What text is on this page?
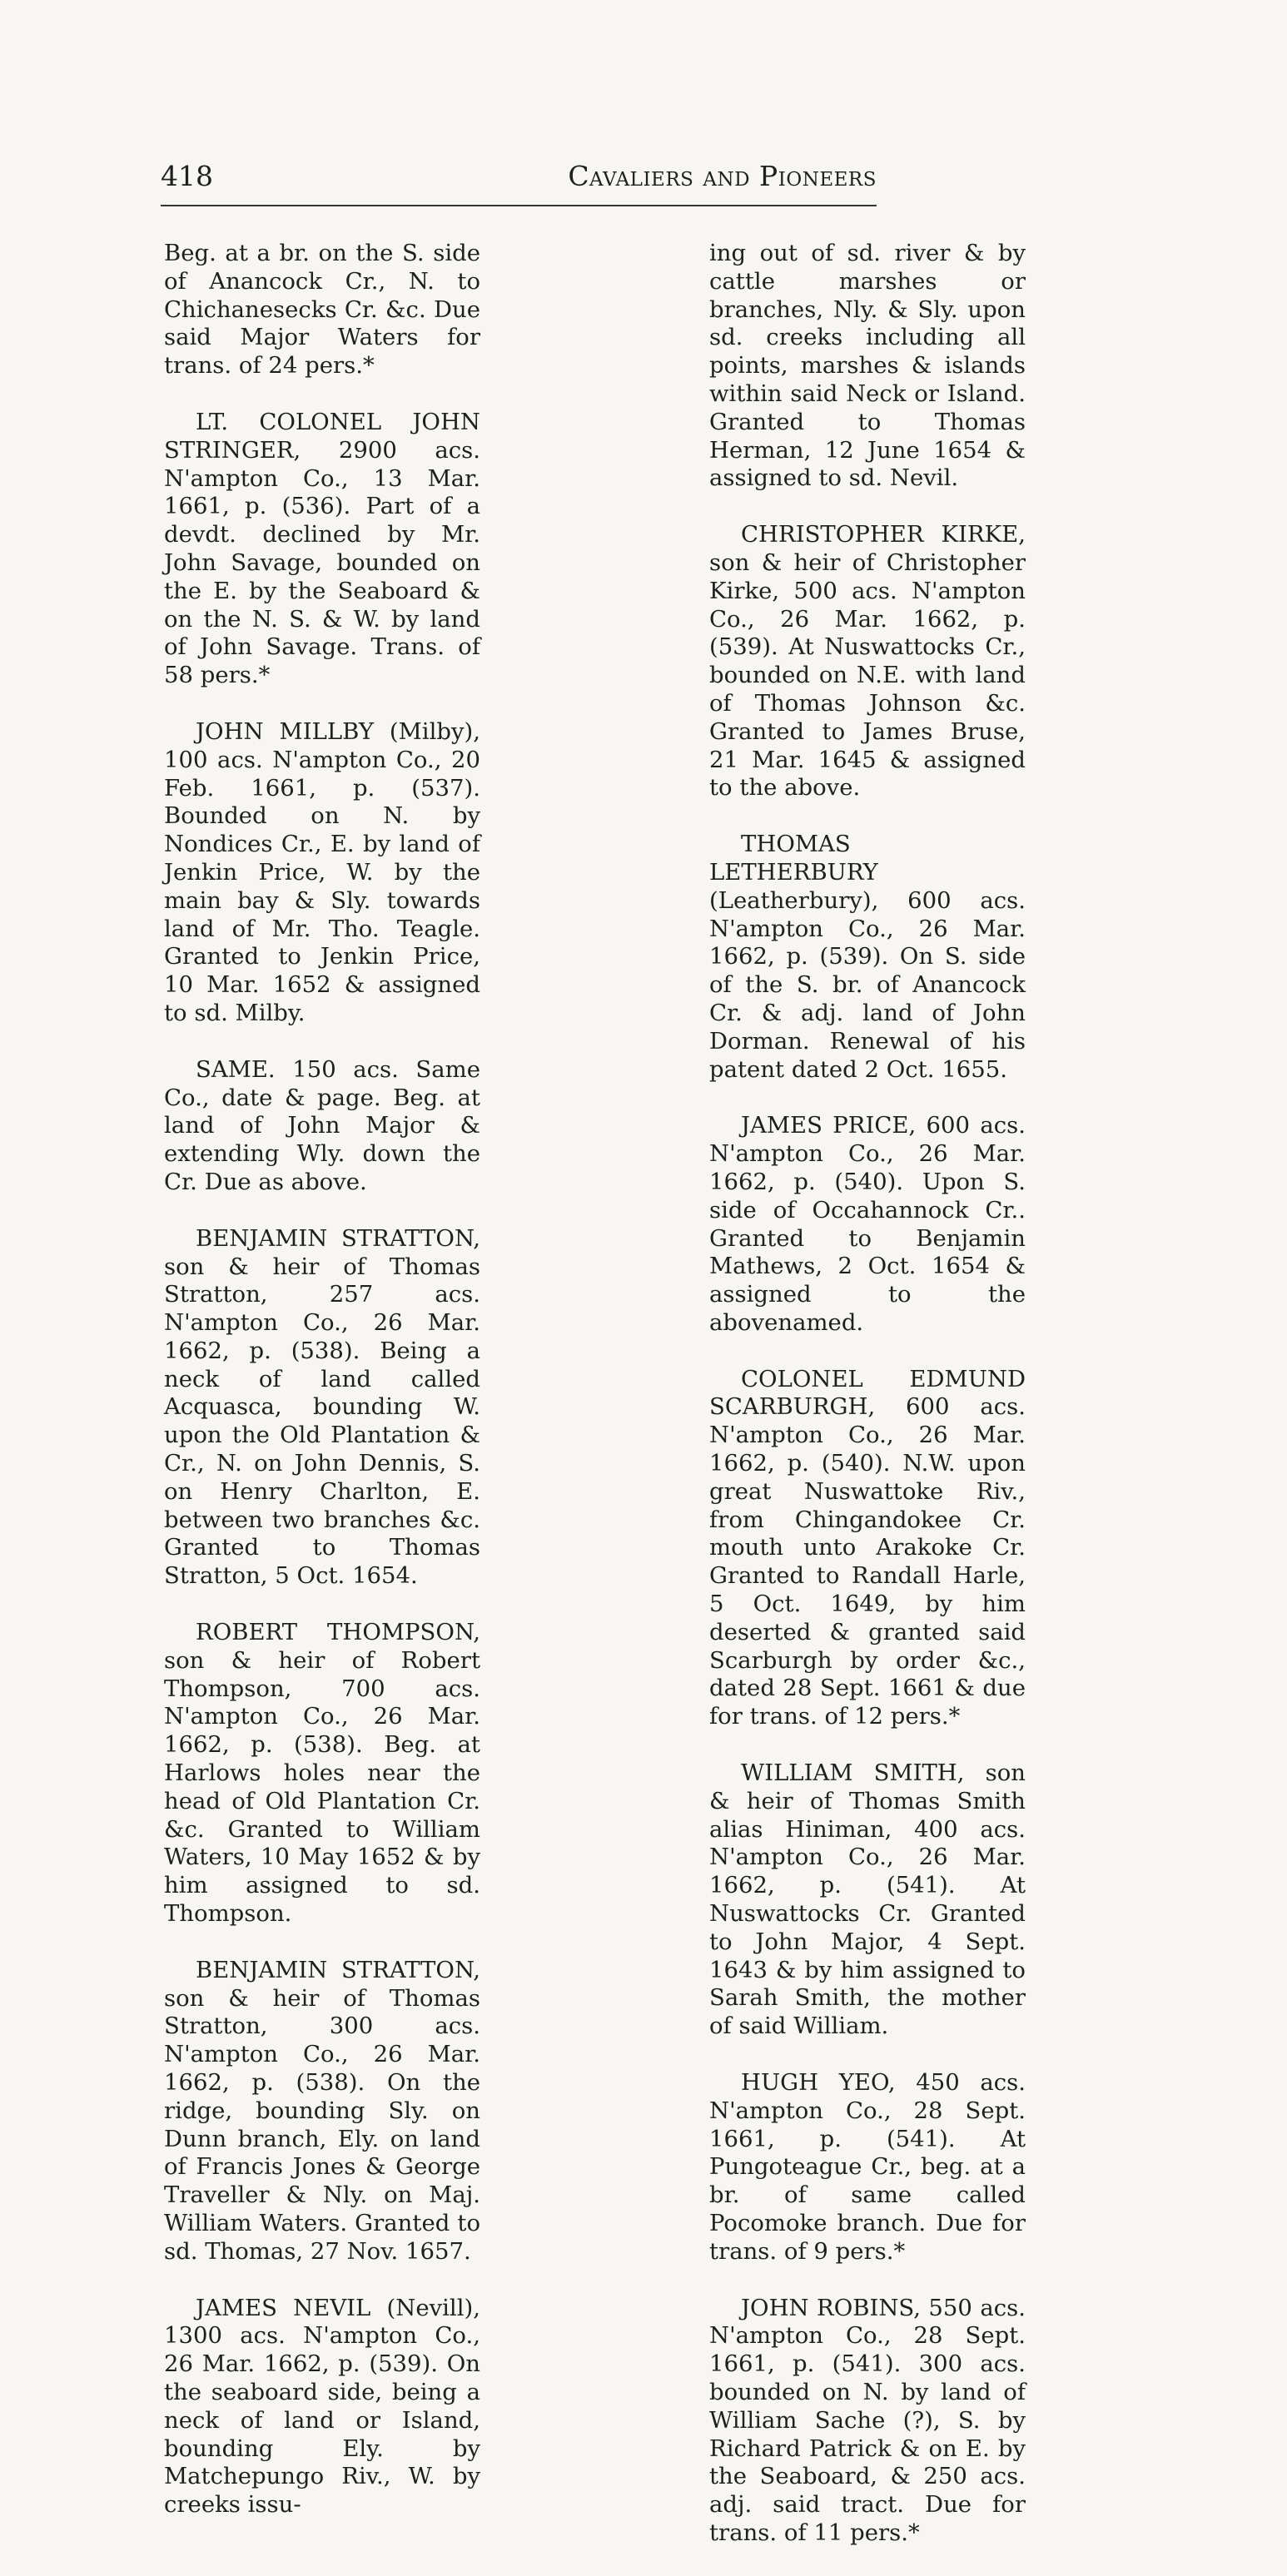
418	Cavaliers and Pioneers

Beg. at a br. on the S. side of Anancock Cr., N. to Chichanesecks Cr. &c. Due said Major Waters for trans. of 24 pers.*

LT. COLONEL JOHN STRINGER, 2900 acs. N'ampton Co., 13 Mar. 1661, p. (536). Part of a devdt. declined by Mr. John Savage, bounded on the E. by the Seaboard & on the N. S. & W. by land of John Savage. Trans. of 58 pers.*

JOHN MILLBY (Milby), 100 acs. N'ampton Co., 20 Feb. 1661, p. (537). Bounded on N. by Nondices Cr., E. by land of Jenkin Price, W. by the main bay & Sly. towards land of Mr. Tho. Teagle. Granted to Jenkin Price, 10 Mar. 1652 & assigned to sd. Milby.

SAME. 150 acs. Same Co., date & page. Beg. at land of John Major & extending Wly. down the Cr. Due as above.

BENJAMIN STRATTON, son & heir of Thomas Stratton, 257 acs. N'ampton Co., 26 Mar. 1662, p. (538). Being a neck of land called Acquasca, bounding W. upon the Old Plantation & Cr., N. on John Dennis, S. on Henry Charlton, E. between two branches &c. Granted to Thomas Stratton, 5 Oct. 1654.

ROBERT THOMPSON, son & heir of Robert Thompson, 700 acs. N'ampton Co., 26 Mar. 1662, p. (538). Beg. at Harlows holes near the head of Old Plantation Cr. &c. Granted to William Waters, 10 May 1652 & by him assigned to sd. Thompson.

BENJAMIN STRATTON, son & heir of Thomas Stratton, 300 acs. N'ampton Co., 26 Mar. 1662, p. (538). On the ridge, bounding Sly. on Dunn branch, Ely. on land of Francis Jones & George Traveller & Nly. on Maj. William Waters. Granted to sd. Thomas, 27 Nov. 1657.

JAMES NEVIL (Nevill), 1300 acs. N'ampton Co., 26 Mar. 1662, p. (539). On the seaboard side, being a neck of land or Island, bounding Ely. by Matchepungo Riv., W. by creeks issu-

ing out of sd. river & by cattle marshes or branches, Nly. & Sly. upon sd. creeks including all points, marshes & islands within said Neck or Island. Granted to Thomas Herman, 12 June 1654 & assigned to sd. Nevil.

CHRISTOPHER KIRKE, son & heir of Christopher Kirke, 500 acs. N'ampton Co., 26 Mar. 1662, p. (539). At Nuswattocks Cr., bounded on N.E. with land of Thomas Johnson &c. Granted to James Bruse, 21 Mar. 1645 & assigned to the above.

THOMAS LETHERBURY (Leatherbury), 600 acs. N'ampton Co., 26 Mar. 1662, p. (539). On S. side of the S. br. of Anancock Cr. & adj. land of John Dorman. Renewal of his patent dated 2 Oct. 1655.

JAMES PRICE, 600 acs. N'ampton Co., 26 Mar. 1662, p. (540). Upon S. side of Occahannock Cr.. Granted to Benjamin Mathews, 2 Oct. 1654 & assigned to the abovenamed.

COLONEL EDMUND SCARBURGH, 600 acs. N'ampton Co., 26 Mar. 1662, p. (540). N.W. upon great Nuswattoke Riv., from Chingandokee Cr. mouth unto Arakoke Cr. Granted to Randall Harle, 5 Oct. 1649, by him deserted & granted said Scarburgh by order &c., dated 28 Sept. 1661 & due for trans. of 12 pers.*

WILLIAM SMITH, son & heir of Thomas Smith alias Hiniman, 400 acs. N'ampton Co., 26 Mar. 1662, p. (541). At Nuswattocks Cr. Granted to John Major, 4 Sept. 1643 & by him assigned to Sarah Smith, the mother of said William.

HUGH YEO, 450 acs. N'ampton Co., 28 Sept. 1661, p. (541). At Pungoteague Cr., beg. at a br. of same called Pocomoke branch. Due for trans. of 9 pers.*

JOHN ROBINS, 550 acs. N'ampton Co., 28 Sept. 1661, p. (541). 300 acs. bounded on N. by land of William Sache (?), S. by Richard Patrick & on E. by the Seaboard, & 250 acs. adj. said tract. Due for trans. of 11 pers.*
